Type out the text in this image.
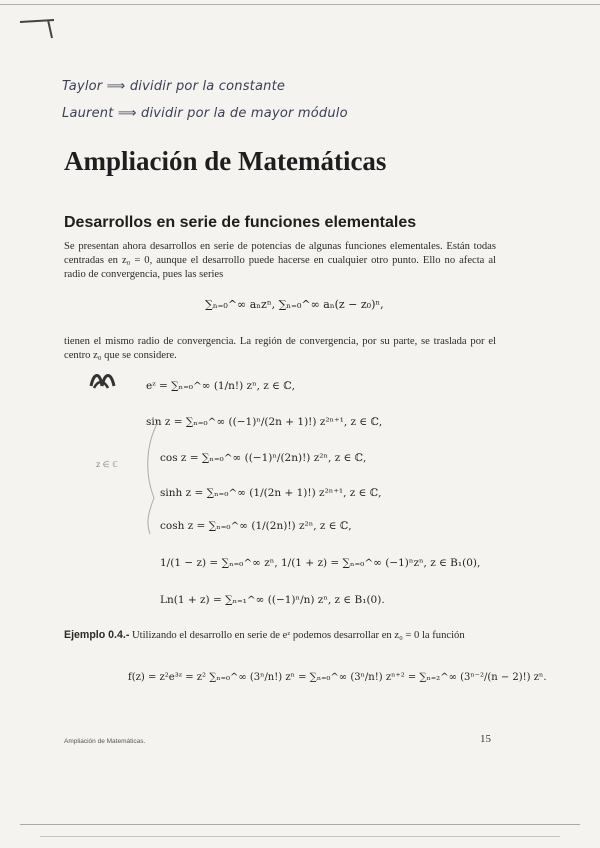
Taylor ⟹ dividir por la constante
Laurent ⟹ dividir por la de mayor módulo
Ampliación de Matemáticas
Desarrollos en serie de funciones elementales
Se presentan ahora desarrollos en serie de potencias de algunas funciones elementales. Están todas centradas en z₀ = 0, aunque el desarrollo puede hacerse en cualquier otro punto. Ello no afecta al radio de convergencia, pues las series
∑ₙ₌₀^∞ aₙzⁿ, ∑ₙ₌₀^∞ aₙ(z − z₀)ⁿ,
tienen el mismo radio de convergencia. La región de convergencia, por su parte, se traslada por el centro z₀ que se considere.
eᶻ = ∑ₙ₌₀^∞ (1/n!) zⁿ, z ∈ ℂ,
sin z = ∑ₙ₌₀^∞ ((−1)ⁿ/(2n + 1)!) z²ⁿ⁺¹, z ∈ ℂ,
cos z = ∑ₙ₌₀^∞ ((−1)ⁿ/(2n)!) z²ⁿ, z ∈ ℂ,
sinh z = ∑ₙ₌₀^∞ (1/(2n + 1)!) z²ⁿ⁺¹, z ∈ ℂ,
cosh z = ∑ₙ₌₀^∞ (1/(2n)!) z²ⁿ, z ∈ ℂ,
1/(1 − z) = ∑ₙ₌₀^∞ zⁿ, 1/(1 + z) = ∑ₙ₌₀^∞ (−1)ⁿzⁿ, z ∈ B₁(0),
Ln(1 + z) = ∑ₙ₌₁^∞ ((−1)ⁿ/n) zⁿ, z ∈ B₁(0).
z ∈ ℂ
Ejemplo 0.4.- Utilizando el desarrollo en serie de eᶻ podemos desarrollar en z₀ = 0 la función
f(z) = z²e³ᶻ = z² ∑ₙ₌₀^∞ (3ⁿ/n!) zⁿ = ∑ₙ₌₀^∞ (3ⁿ/n!) zⁿ⁺² = ∑ₙ₌₂^∞ (3ⁿ⁻²/(n − 2)!) zⁿ.
Ampliación de Matemáticas.	15
